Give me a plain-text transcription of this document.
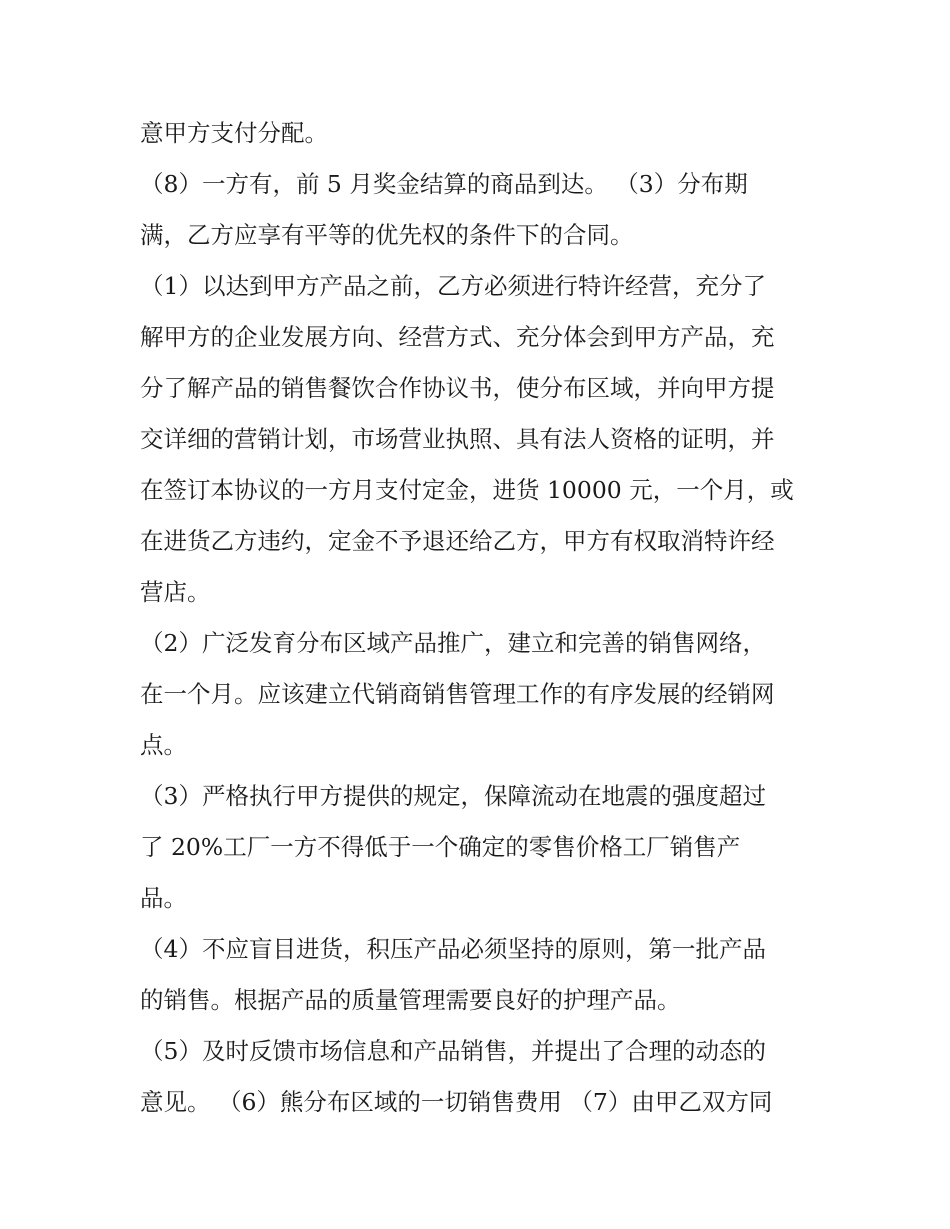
意甲方支付分配。
（8）一方有，前 5 月奖金结算的商品到达。 （3）分布期
满，乙方应享有平等的优先权的条件下的合同。
（1）以达到甲方产品之前，乙方必须进行特许经营，充分了
解甲方的企业发展方向、经营方式、充分体会到甲方产品，充
分了解产品的销售餐饮合作协议书，使分布区域，并向甲方提
交详细的营销计划，市场营业执照、具有法人资格的证明，并
在签订本协议的一方月支付定金，进货 10000 元，一个月，或
在进货乙方违约，定金不予退还给乙方，甲方有权取消特许经
营店。
（2）广泛发育分布区域产品推广，建立和完善的销售网络，
在一个月。应该建立代销商销售管理工作的有序发展的经销网
点。
（3）严格执行甲方提供的规定，保障流动在地震的强度超过
了 20%工厂一方不得低于一个确定的零售价格工厂销售产
品。
（4）不应盲目进货，积压产品必须坚持的原则，第一批产品
的销售。根据产品的质量管理需要良好的护理产品。
（5）及时反馈市场信息和产品销售，并提出了合理的动态的
意见。 （6）熊分布区域的一切销售费用 （7）由甲乙双方同
